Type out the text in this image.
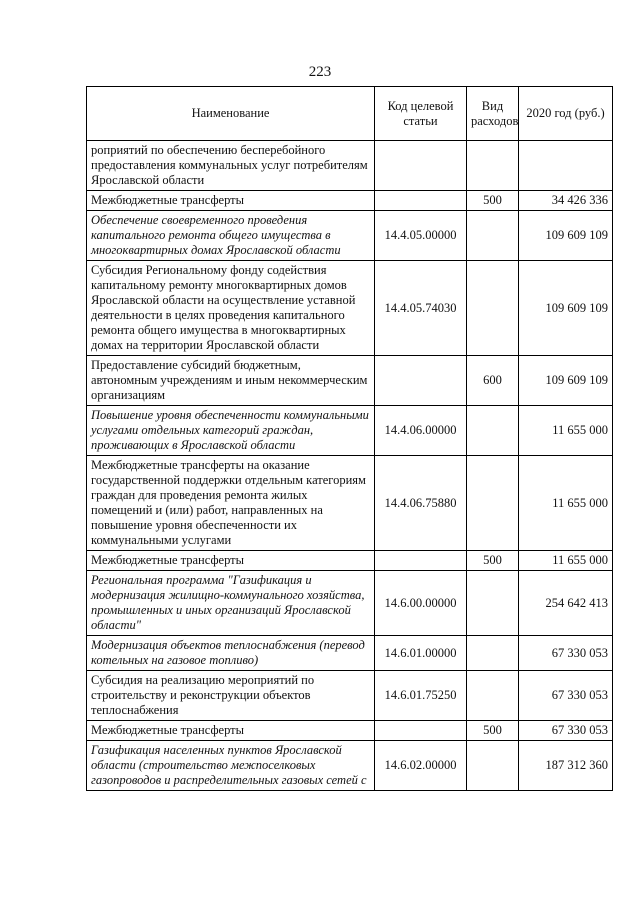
223
Наименование	Код целевой статьи	Вид расходов	2020 год (руб.)
роприятий по обеспечению бесперебойного предоставления коммунальных услуг потребителям Ярославской области			
Межбюджетные трансферты		500	34 426 336
Обеспечение своевременного проведения капитального ремонта общего имущества в многоквартирных домах Ярославской области	14.4.05.00000		109 609 109
Субсидия Региональному фонду содействия капитальному ремонту многоквартирных домов Ярославской области на осуществление уставной деятельности в целях проведения капитального ремонта общего имущества в многоквартирных домах на территории Ярославской области	14.4.05.74030		109 609 109
Предоставление субсидий бюджетным, автономным учреждениям и иным некоммерческим организациям		600	109 609 109
Повышение уровня обеспеченности коммунальными услугами отдельных категорий граждан, проживающих в Ярославской области	14.4.06.00000		11 655 000
Межбюджетные трансферты на оказание государственной поддержки отдельным категориям граждан для проведения ремонта жилых помещений и (или) работ, направленных на повышение уровня обеспеченности их коммунальными услугами	14.4.06.75880		11 655 000
Межбюджетные трансферты		500	11 655 000
Региональная программа "Газификация и модернизация жилищно-коммунального хозяйства, промышленных и иных организаций Ярославской области"	14.6.00.00000		254 642 413
Модернизация объектов теплоснабжения (перевод котельных на газовое топливо)	14.6.01.00000		67 330 053
Субсидия на реализацию мероприятий по строительству и реконструкции объектов теплоснабжения	14.6.01.75250		67 330 053
Межбюджетные трансферты		500	67 330 053
Газификация населенных пунктов Ярославской области (строительство межпоселковых газопроводов и распределительных газовых сетей с	14.6.02.00000		187 312 360
